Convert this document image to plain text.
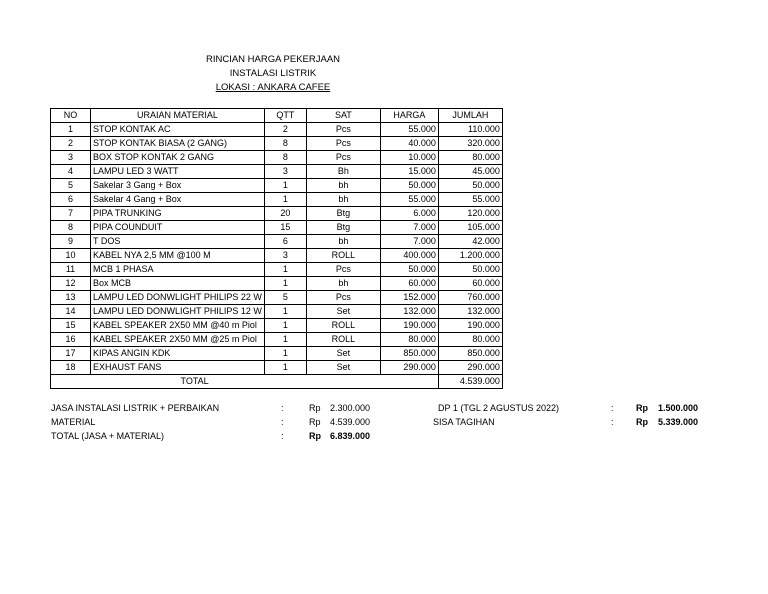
RINCIAN HARGA PEKERJAAN
INSTALASI LISTRIK
LOKASI : ANKARA CAFEE
NO	URAIAN MATERIAL	QTT	SAT	HARGA	JUMLAH
1	STOP KONTAK AC	2	Pcs	55.000	110.000
2	STOP KONTAK BIASA (2 GANG)	8	Pcs	40.000	320.000
3	BOX STOP KONTAK 2 GANG	8	Pcs	10.000	80.000
4	LAMPU LED 3 WATT	3	Bh	15.000	45.000
5	Sakelar 3 Gang + Box	1	bh	50.000	50.000
6	Sakelar 4 Gang + Box	1	bh	55.000	55.000
7	PIPA TRUNKING	20	Btg	6.000	120.000
8	PIPA COUNDUIT	15	Btg	7.000	105.000
9	T DOS	6	bh	7.000	42.000
10	KABEL NYA 2,5 MM @100 M	3	ROLL	400.000	1.200.000
11	MCB 1 PHASA	1	Pcs	50.000	50.000
12	Box MCB	1	bh	60.000	60.000
13	LAMPU LED DONWLIGHT PHILIPS 22 W	5	Pcs	152.000	760.000
14	LAMPU LED DONWLIGHT PHILIPS 12 W	1	Set	132.000	132.000
15	KABEL SPEAKER 2X50 MM @40 m Piol	1	ROLL	190.000	190.000
16	KABEL SPEAKER 2X50 MM @25 m Piol	1	ROLL	80.000	80.000
17	KIPAS ANGIN KDK	1	Set	850.000	850.000
18	EXHAUST FANS	1	Set	290.000	290.000
	TOTAL				4.539.000
JASA INSTALASI LISTRIK + PERBAIKAN	:	Rp 2.300.000
MATERIAL	:	Rp 4.539.000
TOTAL (JASA + MATERIAL)	:	Rp 6.839.000
DP 1 (TGL 2 AGUSTUS 2022)	: Rp 1.500.000
SISA TAGIHAN	: Rp 5.339.000
